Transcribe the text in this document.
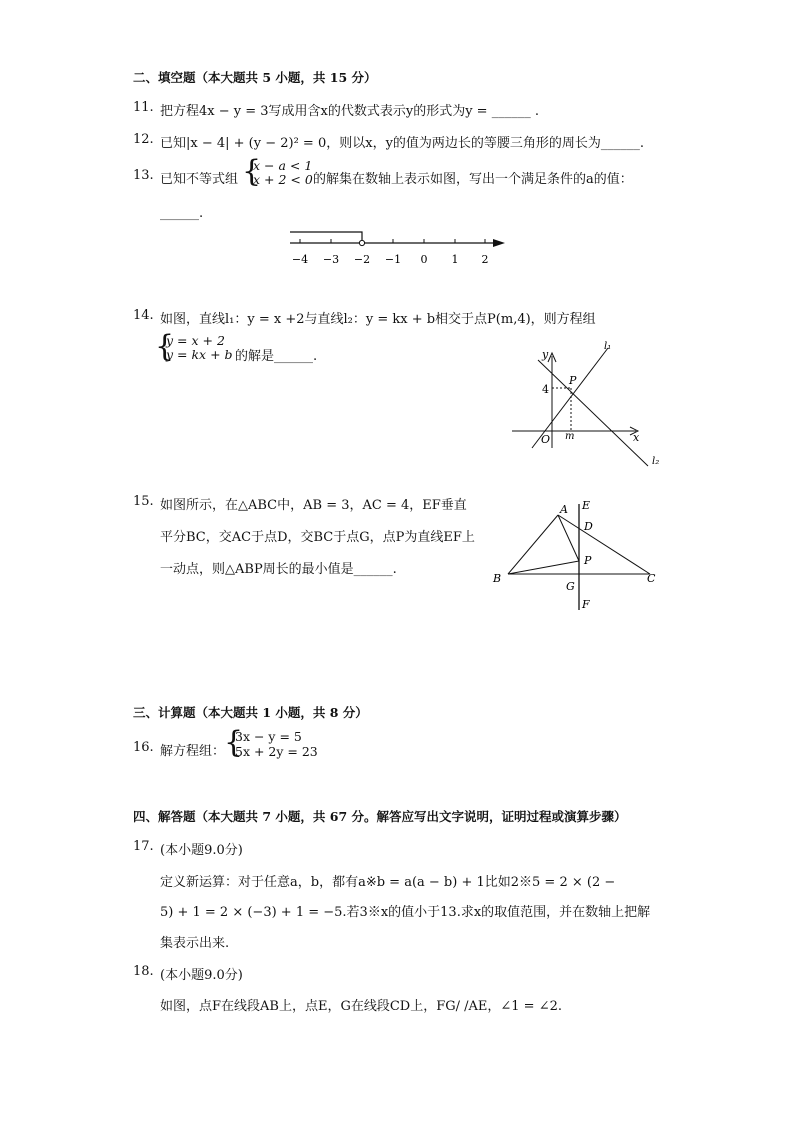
二、填空题（本大题共 5 小题，共 15 分）
11. 把方程4x − y = 3写成用含x的代数式表示y的形式为y = ______ .
12. 已知|x − 4| + (y − 2)² = 0，则以x，y的值为两边长的等腰三角形的周长为______.
13. 已知不等式组 {
x − a < 1
x + 2 < 0 的解集在数轴上表示如图，写出一个满足条件的a的值：
______.
−4 −3 −2 −1 0 1 2
14. 如图，直线l₁：y = x +2与直线l₂：y = kx + b相交于点P(m,4)，则方程组
{
y = x + 2
y = kx + b 的解是______.	y
x
O m
4
P
l₁
l₂
15. 如图所示，在△ABC中，AB = 3，AC = 4，EF垂直
平分BC，交AC于点D，交BC于点G，点P为直线EF上
一动点，则△ABP周长的最小值是______.
A
B	C
D
E
F
G
P
三、计算题（本大题共 1 小题，共 8 分）
16. 解方程组：
{
3x − y = 5
5x + 2y = 23
四、解答题（本大题共 7 小题，共 67 分。解答应写出文字说明，证明过程或演算步骤）
17. (本小题9.0分)
定义新运算：对于任意a，b，都有a※b = a(a − b) + 1比如2※5 = 2 × (2 −
5) + 1 = 2 × (−3) + 1 = −5.若3※x的值小于13.求x的取值范围，并在数轴上把解
集表示出来.
18. (本小题9.0分)
如图，点F在线段AB上，点E，G在线段CD上，FG/ /AE，∠1 = ∠2.
